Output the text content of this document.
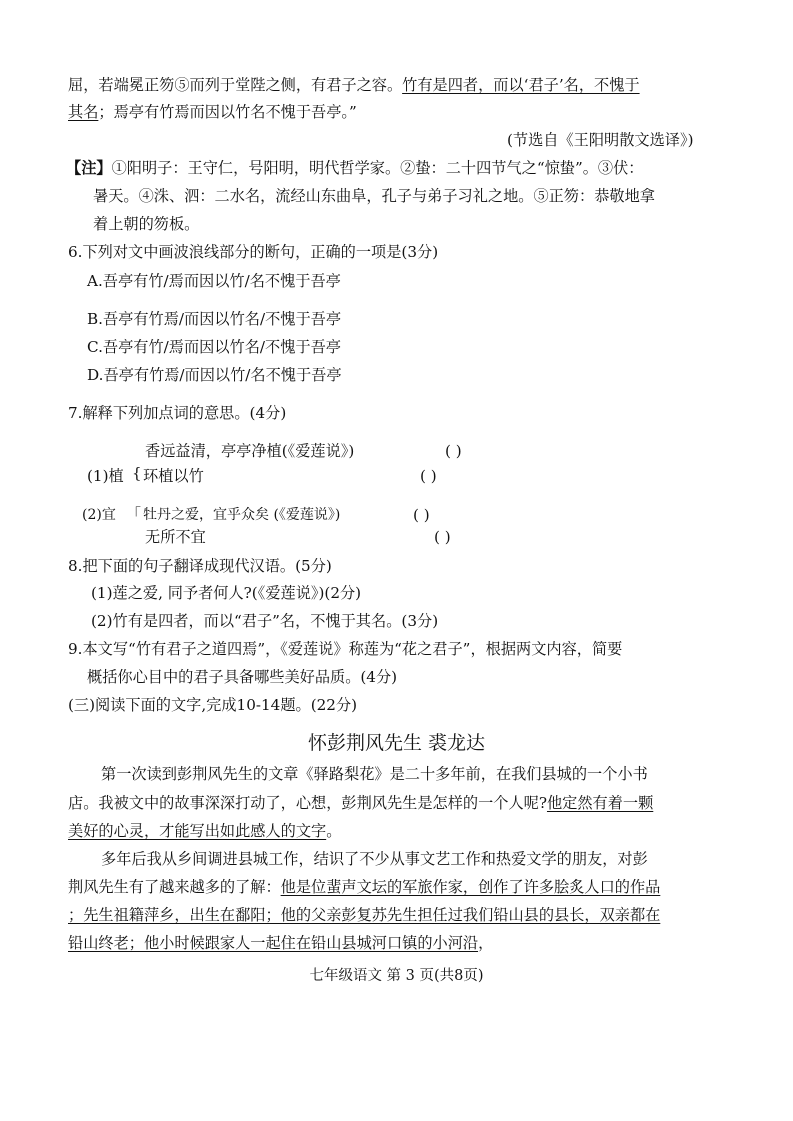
屈，若端冕正笏⑤而列于堂陛之侧，有君子之容。竹有是四者，而以‘君子’名，不愧于
其名；焉亭有竹焉而因以竹名不愧于吾亭。”
(节选自《王阳明散文选译》)
【注】①阳明子：王守仁，号阳明，明代哲学家。②蛰：二十四节气之“惊蛰”。③伏：
暑天。④洙、泗：二水名，流经山东曲阜，孔子与弟子习礼之地。⑤正笏：恭敬地拿
着上朝的笏板。
6.下列对文中画波浪线部分的断句，正确的一项是(3分)
A.吾亭有竹/焉而因以竹/名不愧于吾亭
B.吾亭有竹焉/而因以竹名/不愧于吾亭
C.吾亭有竹/焉而因以竹名/不愧于吾亭
D.吾亭有竹焉/而因以竹/名不愧于吾亭
7.解释下列加点词的意思。(4分)
香远益清，亭亭净植(《爱莲说》)	( )
(1)植 { 环植以竹	( )
(2)宜 「 牡丹之爱，宜乎众矣 (《爱莲说》)	( )
无所不宜	( )
8.把下面的句子翻译成现代汉语。(5分)
(1)莲之爱, 同予者何人?(《爱莲说》)(2分)
(2)竹有是四者，而以“君子”名，不愧于其名。(3分)
9.本文写“竹有君子之道四焉”，《爱莲说》称莲为“花之君子”，根据两文内容，简要
概括你心目中的君子具备哪些美好品质。(4分)
(三)阅读下面的文字,完成10-14题。(22分)
怀彭荆风先生 裘龙达
第一次读到彭荆风先生的文章《驿路梨花》是二十多年前，在我们县城的一个小书
店。我被文中的故事深深打动了，心想，彭荆风先生是怎样的一个人呢?他定然有着一颗
美好的心灵，才能写出如此感人的文字。
多年后我从乡间调进县城工作，结识了不少从事文艺工作和热爱文学的朋友，对彭
荆风先生有了越来越多的了解：他是位蜚声文坛的军旅作家，创作了许多脍炙人口的作品
；先生祖籍萍乡，出生在鄱阳；他的父亲彭复苏先生担任过我们铅山县的县长，双亲都在
铅山终老；他小时候跟家人一起住在铅山县城河口镇的小河沿，
七年级语文 第 3 页(共8页)
